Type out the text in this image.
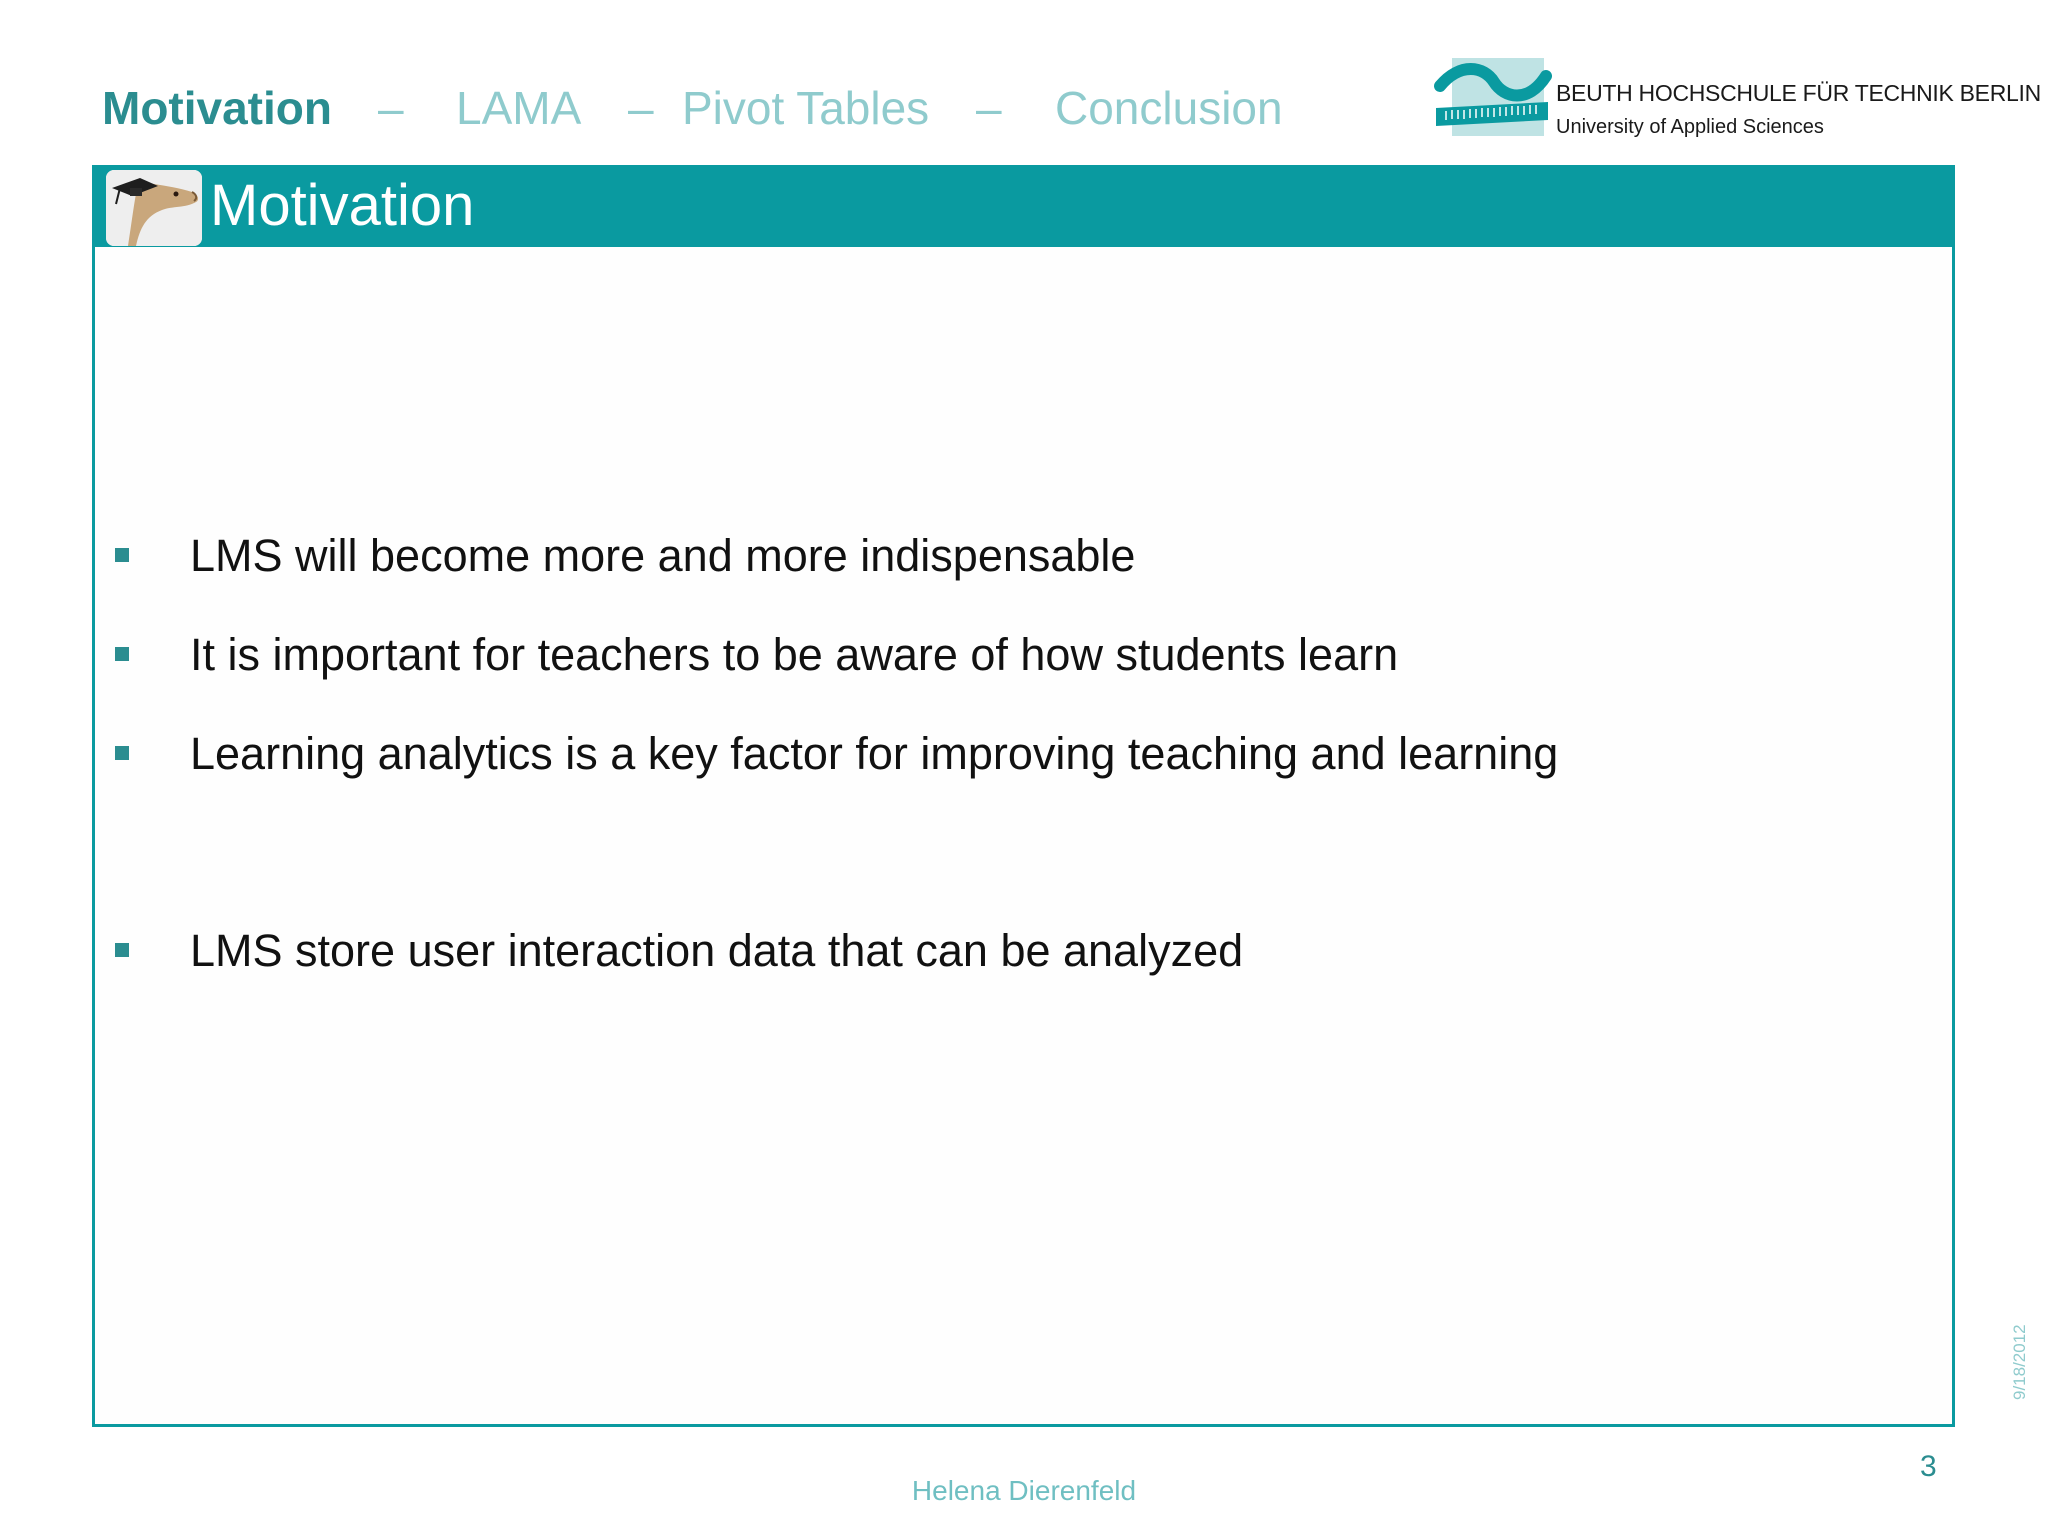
Motivation – LAMA – Pivot Tables – Conclusion	BEUTH HOCHSCHULE FÜR TECHNIK BERLIN
University of Applied Sciences
Motivation
LMS will become more and more indispensable
It is important for teachers to be aware of how students learn
Learning analytics is a key factor for improving teaching and learning
LMS store user interaction data that can be analyzed
3
Helena Dierenfeld
9/18/2012
